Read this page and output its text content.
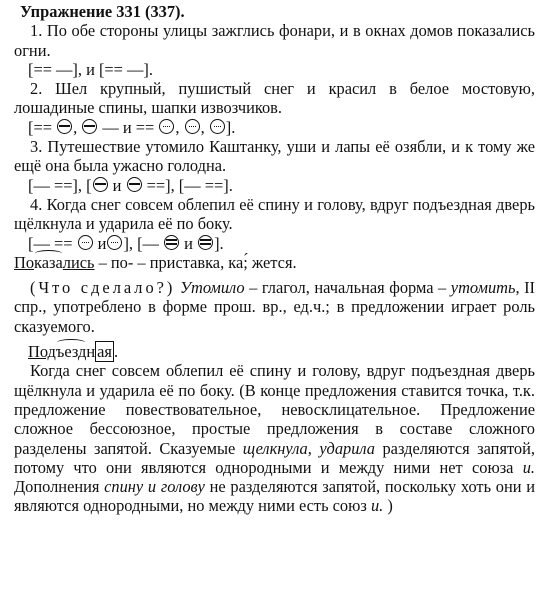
Упражнение 331 (337).
1. По обе стороны улицы зажглись фонари, и в окнах домов показались огни.
[== —], и [== —].
2. Шел крупный, пушистый снег и красил в белое мостовую, лошадиные спины, шапки извозчиков.
[== , — и == , , ].
3. Путешествие утомило Каштанку, уши и лапы её озябли, и к тому же ещё она была ужасно голодна.
[— ==], [ и ==], [— ==].
4. Когда снег совсем облепил её спину и голову, вдруг подъездная дверь щёлкнула и ударила её по боку.
[— == и ], [— и ].
Показались – по- – приставка, ка;́ жется.
(Что сделало?) Утомило – глагол, начальная форма – утомить, II спр., употреблено в форме прош. вр., ед.ч.; в предложении играет роль сказуемого.
Подъездн ая .
Когда снег совсем облепил её спину и голову, вдруг подъездная дверь щёлкнула и ударила её по боку. (В конце предложения ставится точка, т.к. предложение повествовательное, невосклицательное. Предложение сложное бессоюзное, простые предложения в составе сложного разделены запятой. Сказуемые щелкнула, ударила разделяются запятой, потому что они являются однородными и между ними нет союза и. Дополнения спину и голову не разделяются запятой, поскольку хоть они и являются однородными, но между ними есть союз и. )
